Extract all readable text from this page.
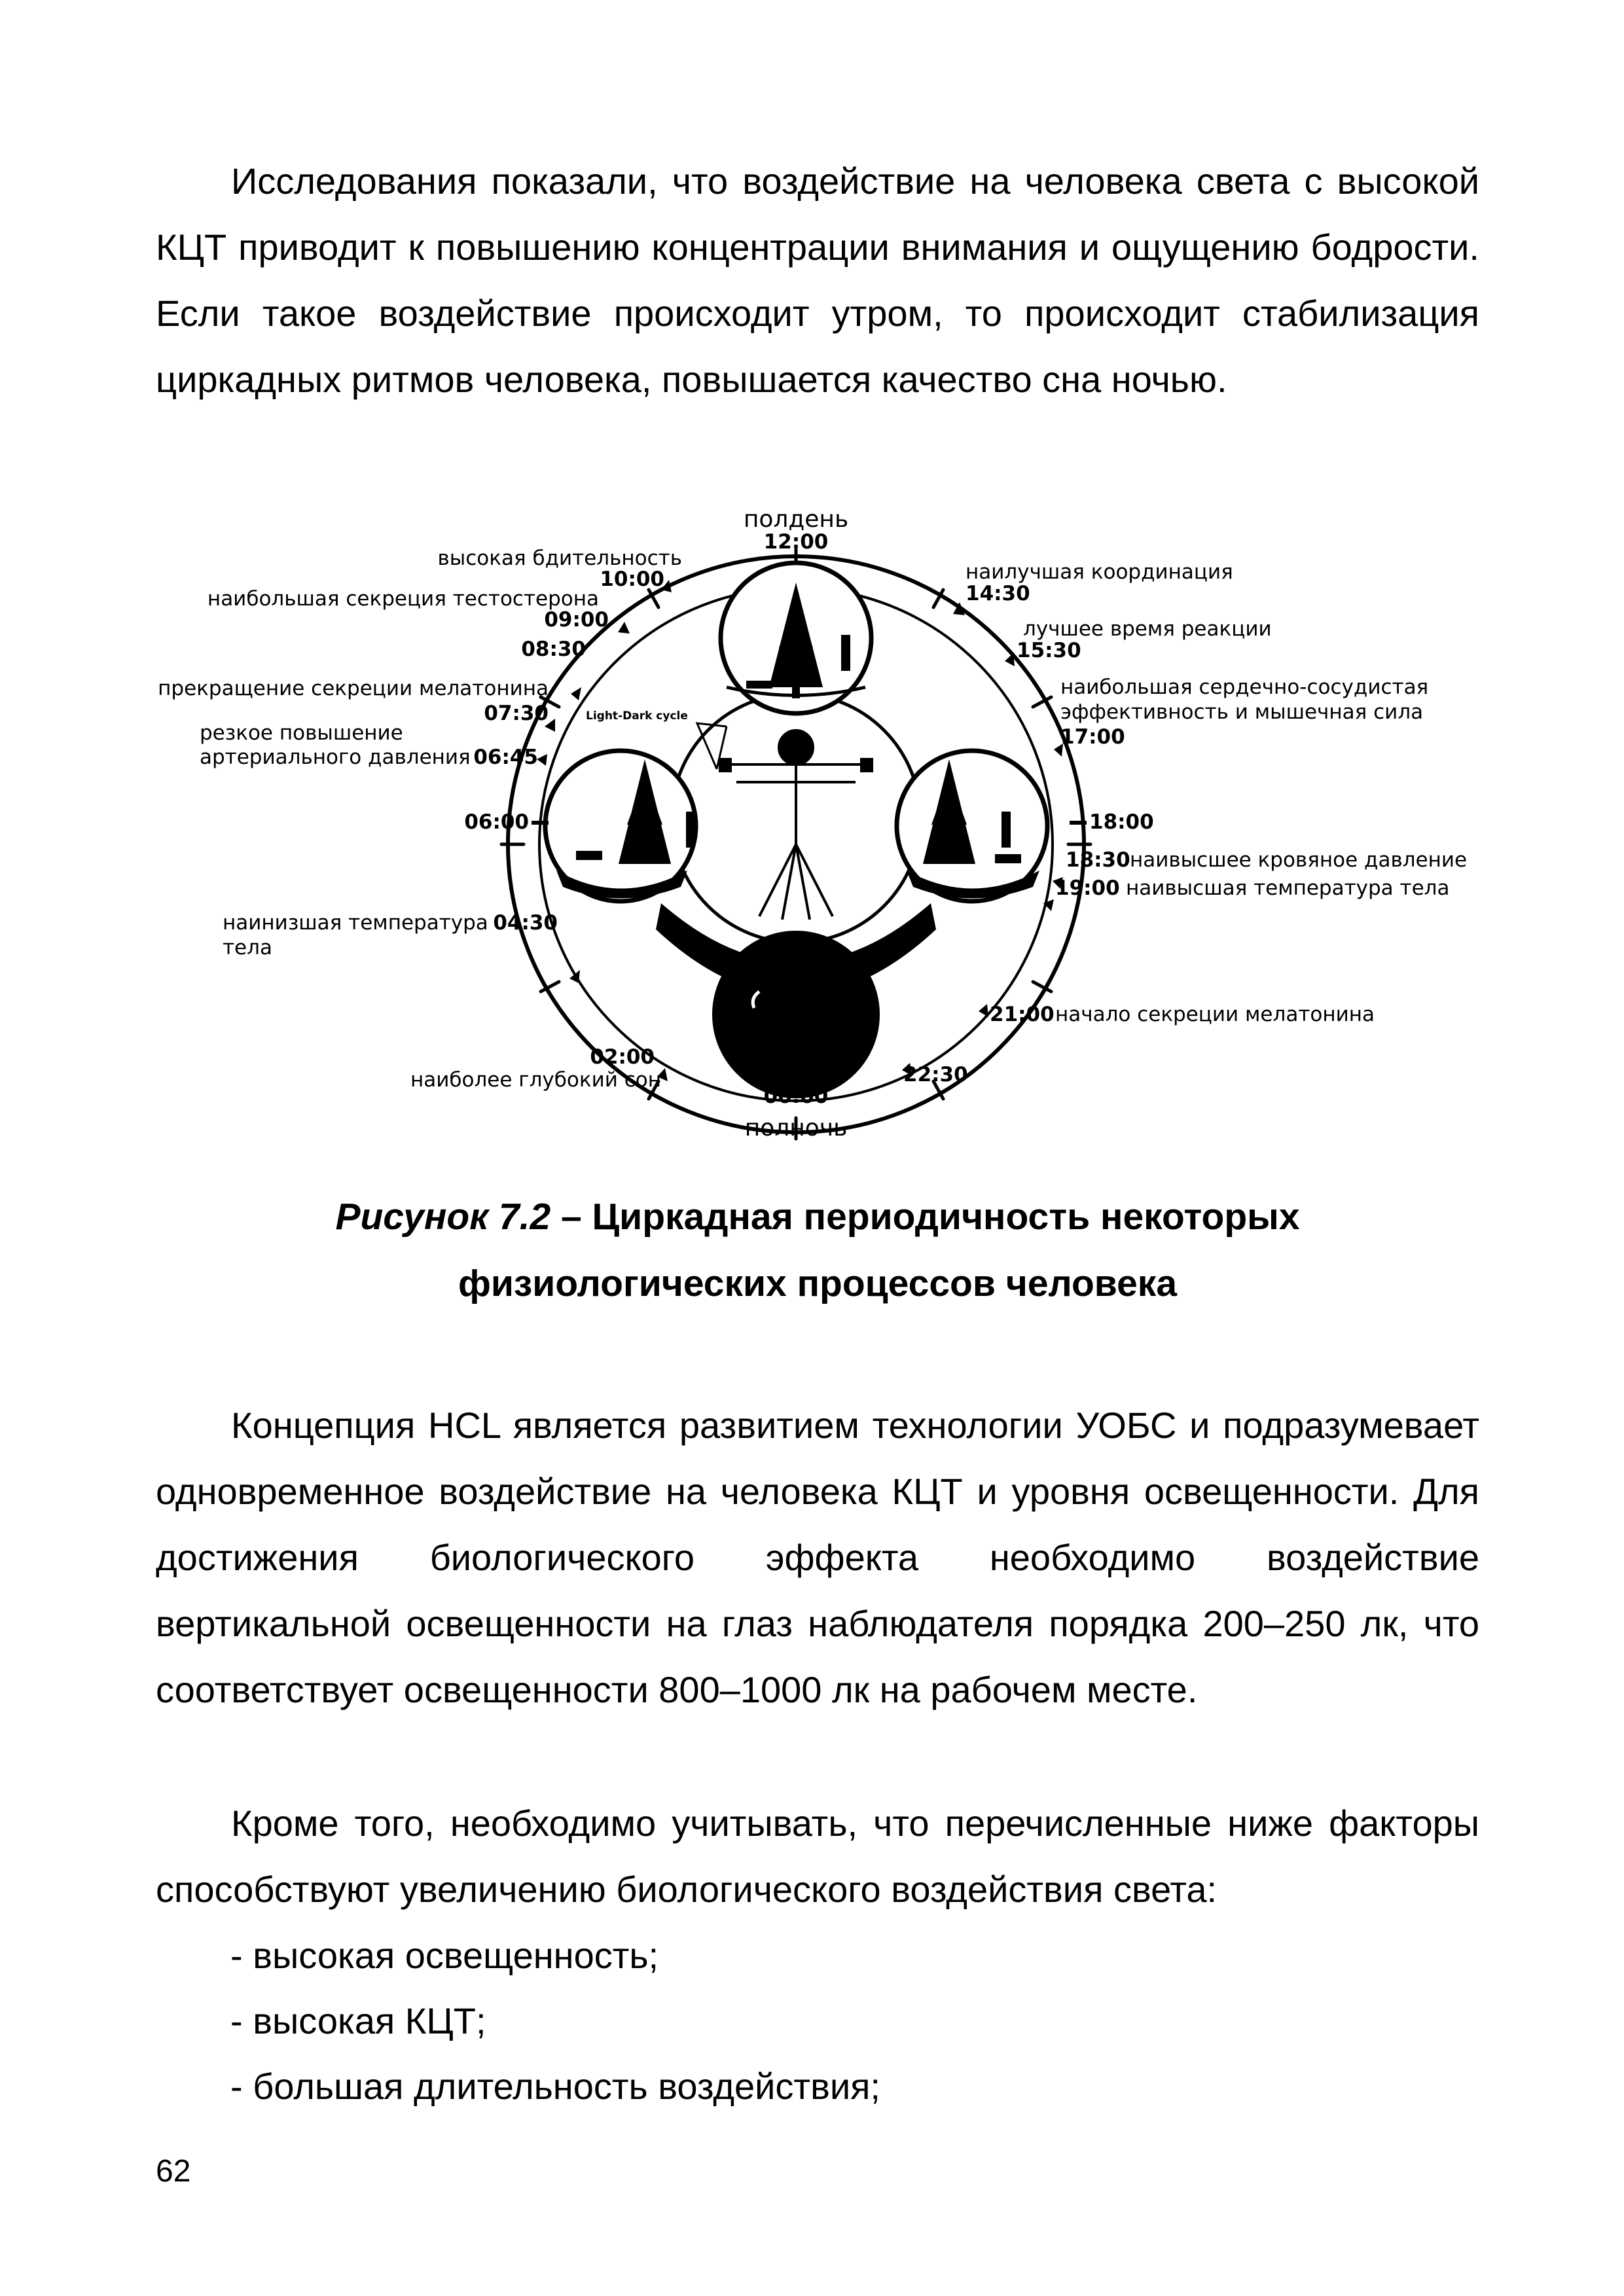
Исследования показали, что воздействие на человека света с высокой КЦТ приводит к повышению концентрации внимания и ощущению бодрости. Если такое воздействие происходит утром, то происходит стабилизация циркадных ритмов человека, повышается качество сна ночью.

Light-Dark cycle
полдень
12:00
00:00
полночь
высокая бдительность
10:00
наибольшая секреция тестостерона
09:00
08:30
прекращение секреции мелатонина
07:30
резкое повышение
артериального давления 06:45
06:00
наинизшая температура 04:30
тела
02:00
наиболее глубокий сон
наилучшая координация
14:30
лучшее время реакции
15:30
наибольшая сердечно-сосудистая
эффективность и мышечная сила
17:00
18:00
18:30 наивысшее кровяное давление
19:00 наивысшая температура тела
21:00 начало секреции мелатонина
22:30

Рисунок 7.2 – Циркадная периодичность некоторых
физиологических процессов человека

Концепция HCL является развитием технологии УОБС и подразумевает одновременное воздействие на человека КЦТ и уровня освещенности. Для достижения биологического эффекта необходимо воздействие вертикальной освещенности на глаз наблюдателя порядка 200–250 лк, что соответствует освещенности 800–1000 лк на рабочем месте.

Кроме того, необходимо учитывать, что перечисленные ниже факторы способствуют увеличению биологического воздействия света:

- высокая освещенность;
- высокая КЦТ;
- большая длительность воздействия;
62
